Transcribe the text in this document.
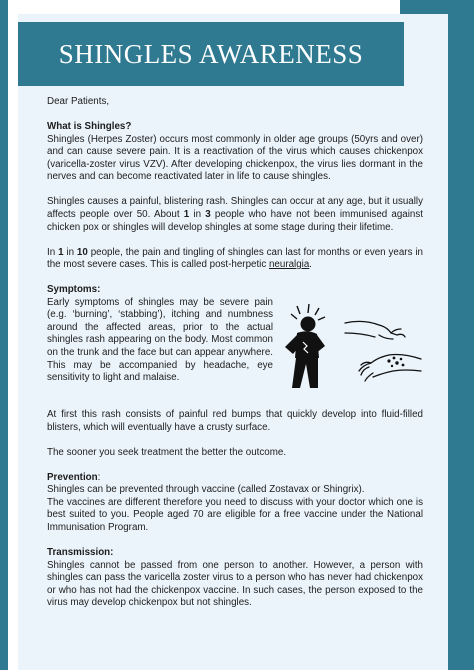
SHINGLES AWARENESS

Dear Patients,

What is Shingles?

Shingles (Herpes Zoster) occurs most commonly in older age groups (50yrs and over) and can cause severe pain. It is a reactivation of the virus which causes chickenpox (varicella-zoster virus VZV). After developing chickenpox, the virus lies dormant in the nerves and can become reactivated later in life to cause shingles.

Shingles causes a painful, blistering rash. Shingles can occur at any age, but it usually affects people over 50. About 1 in 3 people who have not been immunised against chicken pox or shingles will develop shingles at some stage during their lifetime.

In 1 in 10 people, the pain and tingling of shingles can last for months or even years in the most severe cases. This is called post-herpetic neuralgia.

Symptoms:

Early symptoms of shingles may be severe pain (e.g. ‘burning’, ‘stabbing’), itching and numbness around the affected areas, prior to the actual shingles rash appearing on the body. Most common on the trunk and the face but can appear anywhere. This may be accompanied by headache, eye sensitivity to light and malaise.

At first this rash consists of painful red bumps that quickly develop into fluid-filled blisters, which will eventually have a crusty surface.

The sooner you seek treatment the better the outcome.

Prevention:

Shingles can be prevented through vaccine (called Zostavax or Shingrix).

The vaccines are different therefore you need to discuss with your doctor which one is best suited to you. People aged 70 are eligible for a free vaccine under the National Immunisation Program.

Transmission:

Shingles cannot be passed from one person to another. However, a person with shingles can pass the varicella zoster virus to a person who has never had chickenpox or who has not had the chickenpox vaccine. In such cases, the person exposed to the virus may develop chickenpox but not shingles.
